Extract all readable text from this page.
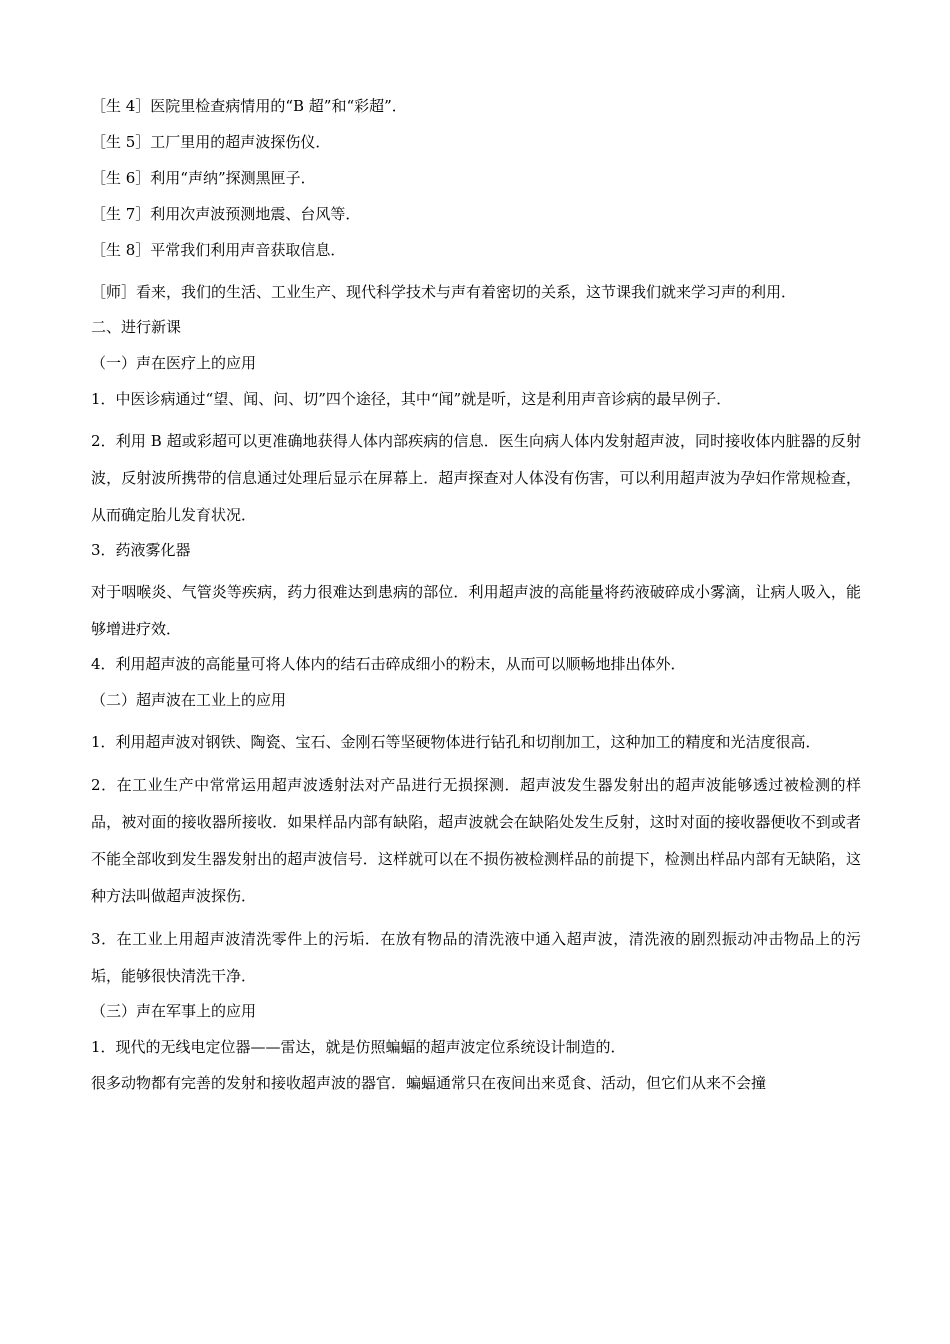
［生 4］医院里检查病情用的“B 超”和“彩超”．

［生 5］工厂里用的超声波探伤仪．

［生 6］利用“声纳”探测黑匣子．

［生 7］利用次声波预测地震、台风等．

［生 8］平常我们利用声音获取信息．

［师］看来，我们的生活、工业生产、现代科学技术与声有着密切的关系，这节课我们就来学习声的利用．

二、进行新课

（一）声在医疗上的应用

1．中医诊病通过“望、闻、问、切”四个途径，其中“闻”就是听，这是利用声音诊病的最早例子．

2．利用 B 超或彩超可以更准确地获得人体内部疾病的信息．医生向病人体内发射超声波，同时接收体内脏器的反射波，反射波所携带的信息通过处理后显示在屏幕上．超声探查对人体没有伤害，可以利用超声波为孕妇作常规检查，从而确定胎儿发育状况．

3．药液雾化器

对于咽喉炎、气管炎等疾病，药力很难达到患病的部位．利用超声波的高能量将药液破碎成小雾滴，让病人吸入，能够增进疗效．

4．利用超声波的高能量可将人体内的结石击碎成细小的粉末，从而可以顺畅地排出体外．

（二）超声波在工业上的应用

1．利用超声波对钢铁、陶瓷、宝石、金刚石等坚硬物体进行钻孔和切削加工，这种加工的精度和光洁度很高．

2．在工业生产中常常运用超声波透射法对产品进行无损探测．超声波发生器发射出的超声波能够透过被检测的样品，被对面的接收器所接收．如果样品内部有缺陷，超声波就会在缺陷处发生反射，这时对面的接收器便收不到或者不能全部收到发生器发射出的超声波信号．这样就可以在不损伤被检测样品的前提下，检测出样品内部有无缺陷，这种方法叫做超声波探伤．

3．在工业上用超声波清洗零件上的污垢．在放有物品的清洗液中通入超声波，清洗液的剧烈振动冲击物品上的污垢，能够很快清洗干净．

（三）声在军事上的应用

1．现代的无线电定位器——雷达，就是仿照蝙蝠的超声波定位系统设计制造的．

很多动物都有完善的发射和接收超声波的器官．蝙蝠通常只在夜间出来觅食、活动，但它们从来不会撞
